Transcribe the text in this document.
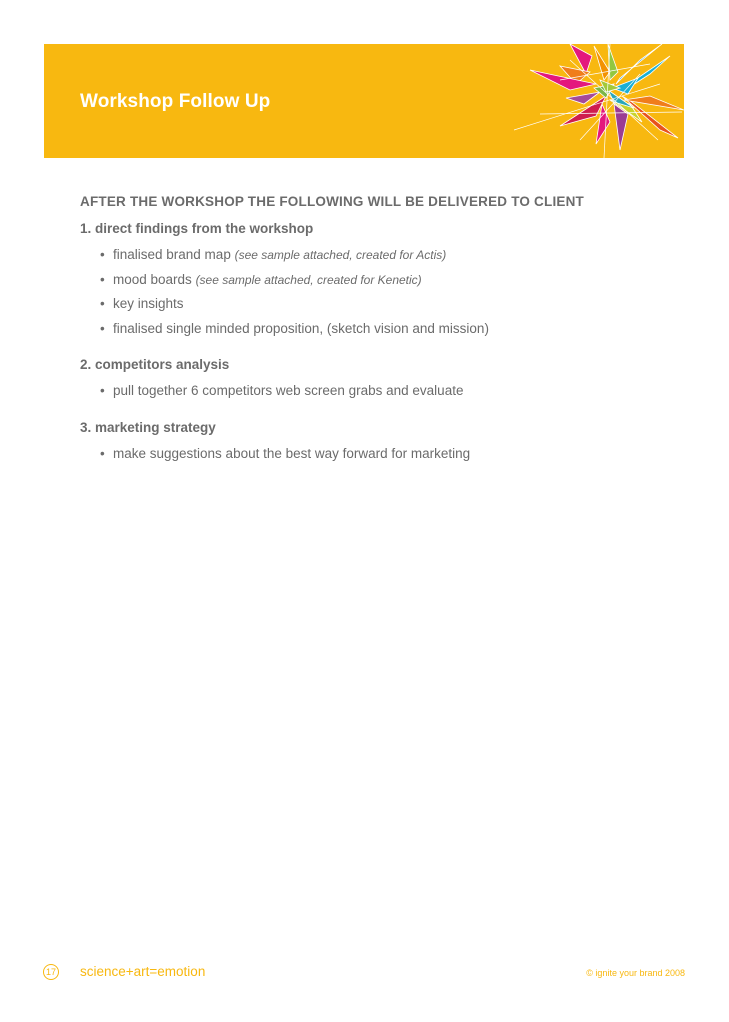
Workshop Follow Up
AFTER THE WORKSHOP THE FOLLOWING WILL BE DELIVERED TO CLIENT
1. direct findings from the workshop
• finalised brand map (see sample attached, created for Actis)
• mood boards (see sample attached, created for Kenetic)
• key insights
• finalised single minded proposition, (sketch vision and mission)
2. competitors analysis
• pull together 6 competitors web screen grabs and evaluate
3. marketing strategy
• make suggestions about the best way forward for marketing
17 science+art=emotion	© ignite your brand 2008
